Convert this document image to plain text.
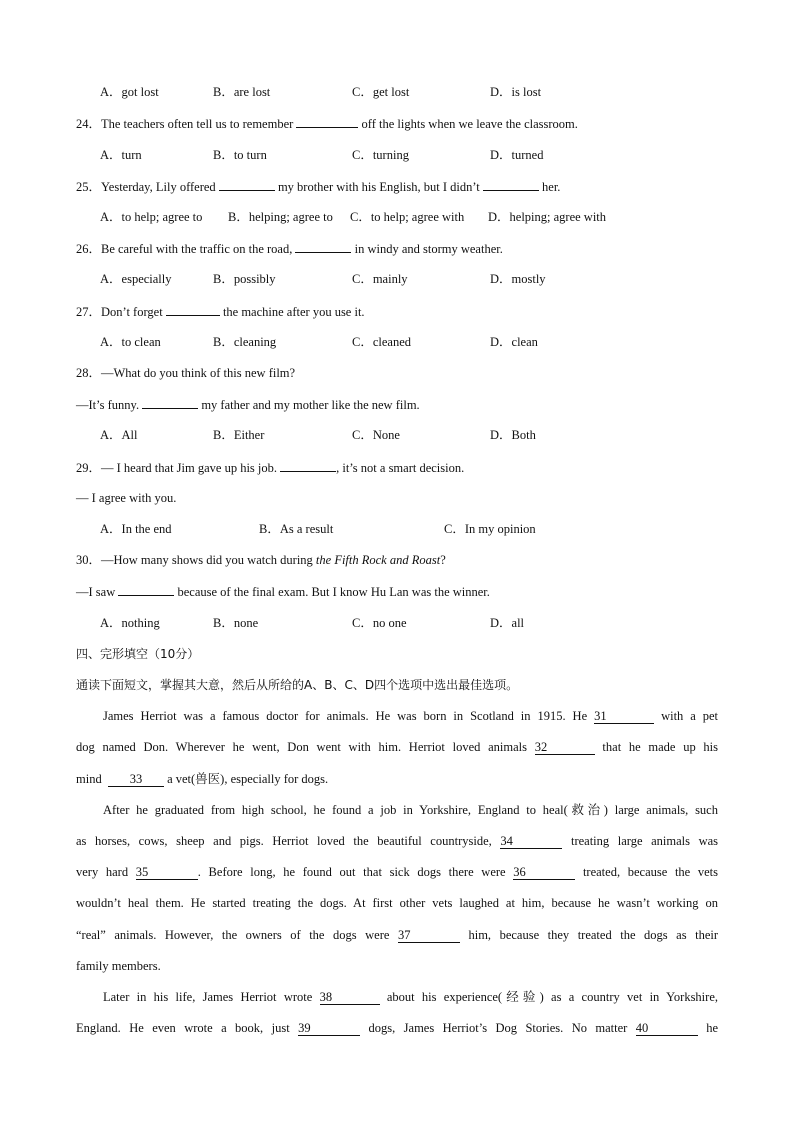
A．got lost	B．are lost	C．get lost	D．is lost
24．The teachers often tell us to remember	off the lights when we leave the classroom.
A．turn	B．to turn	C．turning	D．turned
25．Yesterday, Lily offered	my brother with his English, but I didn’t	her.
A．to help; agree to B．helping; agree to C．to help; agree with D．helping; agree with
26．Be careful with the traffic on the road,	in windy and stormy weather.
A．especially	B．possibly	C．mainly	D．mostly
27．Don’t forget	the machine after you use it.
A．to clean	B．cleaning	C．cleaned	D．clean
28．—What do you think of this new film?
—It’s funny.	my father and my mother like the new film.
A．All	B．Either	C．None	D．Both
29．— I heard that Jim gave up his job.	, it’s not a smart decision.
— I agree with you.
A．In the end	B．As a result	C．In my opinion
30．—How many shows did you watch during the Fifth Rock and Roast?
—I saw	because of the final exam. But I know Hu Lan was the winner.
A．nothing	B．none	C．no one	D．all
四、完形填空（10分）
通读下面短文，掌握其大意，然后从所给的A、B、C、D四个选项中选出最佳选项。
James Herriot was a famous doctor for animals. He was born in Scotland in 1915. He 31	with a pet
dog named Don. Wherever he went, Don went with him. Herriot loved animals 32	that he made up his
mind 33 a vet(兽医), especially for dogs.
After he graduated from high school, he found a job in Yorkshire, England to heal(救治) large animals, such
as horses, cows, sheep and pigs. Herriot loved the beautiful countryside, 34	treating large animals was
very hard 35	. Before long, he found out that sick dogs there were 36	treated, because the vets
wouldn’t heal them. He started treating the dogs. At first other vets laughed at him, because he wasn’t working on
“real” animals. However, the owners of the dogs were 37	him, because they treated the dogs as their
family members.
Later in his life, James Herriot wrote 38	about his experience(经验) as a country vet in Yorkshire,
England. He even wrote a book, just 39	dogs, James Herriot’s Dog Stories. No matter 40	he
